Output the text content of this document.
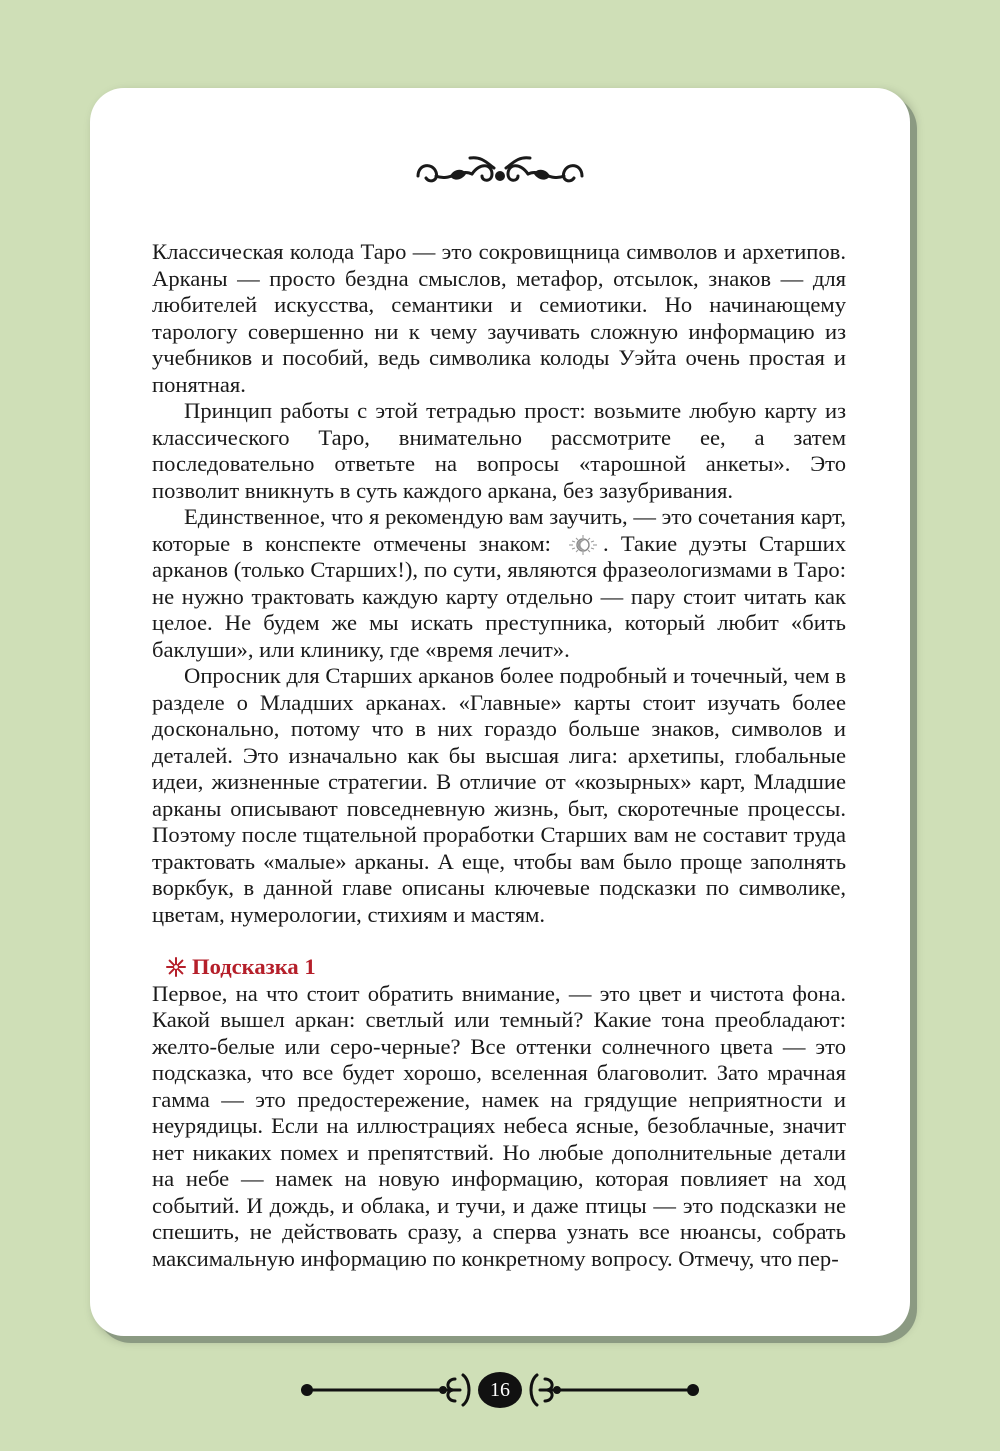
Классическая колода Таро — это сокровищница символов и архетипов. Арканы — просто бездна смыслов, метафор, отсылок, знаков — для любителей искусства, семантики и семиотики. Но начинающему тарологу совершенно ни к чему заучивать сложную информацию из учебников и пособий, ведь символика колоды Уэйта очень простая и понятная.

Принцип работы с этой тетрадью прост: возьмите любую карту из классического Таро, внимательно рассмотрите ее, а затем последовательно ответьте на вопросы «тарошной анкеты». Это позволит вникнуть в суть каждого аркана, без зазубривания.

Единственное, что я рекомендую вам заучить, — это сочетания карт, которые в конспекте отмечены знаком: . Такие дуэты Старших арканов (только Старших!), по сути, являются фразеологизмами в Таро: не нужно трактовать каждую карту отдельно — пару стоит читать как целое. Не будем же мы искать преступника, который любит «бить баклуши», или клинику, где «время лечит».

Опросник для Старших арканов более подробный и точечный, чем в разделе о Младших арканах. «Главные» карты стоит изучать более досконально, потому что в них гораздо больше знаков, символов и деталей. Это изначально как бы высшая лига: архетипы, глобальные идеи, жизненные стратегии. В отличие от «козырных» карт, Младшие арканы описывают повседневную жизнь, быт, скоротечные процессы. Поэтому после тщательной проработки Старших вам не составит труда трактовать «малые» арканы. А еще, чтобы вам было проще заполнять воркбук, в данной главе описаны ключевые подсказки по символике, цветам, нумерологии, стихиям и мастям.

Подсказка 1

Первое, на что стоит обратить внимание, — это цвет и чистота фона. Какой вышел аркан: светлый или темный? Какие тона преобладают: желто-белые или серо-черные? Все оттенки солнечного цвета — это подсказка, что все будет хорошо, вселенная благоволит. Зато мрачная гамма — это предостережение, намек на грядущие неприятности и неурядицы. Если на иллюстрациях небеса ясные, безоблачные, значит нет никаких помех и препятствий. Но любые дополнительные детали на небе — намек на новую информацию, которая повлияет на ход событий. И дождь, и облака, и тучи, и даже птицы — это подсказки не спешить, не действовать сразу, а сперва узнать все нюансы, собрать максимальную информацию по конкретному вопросу. Отмечу, что пер-

16
